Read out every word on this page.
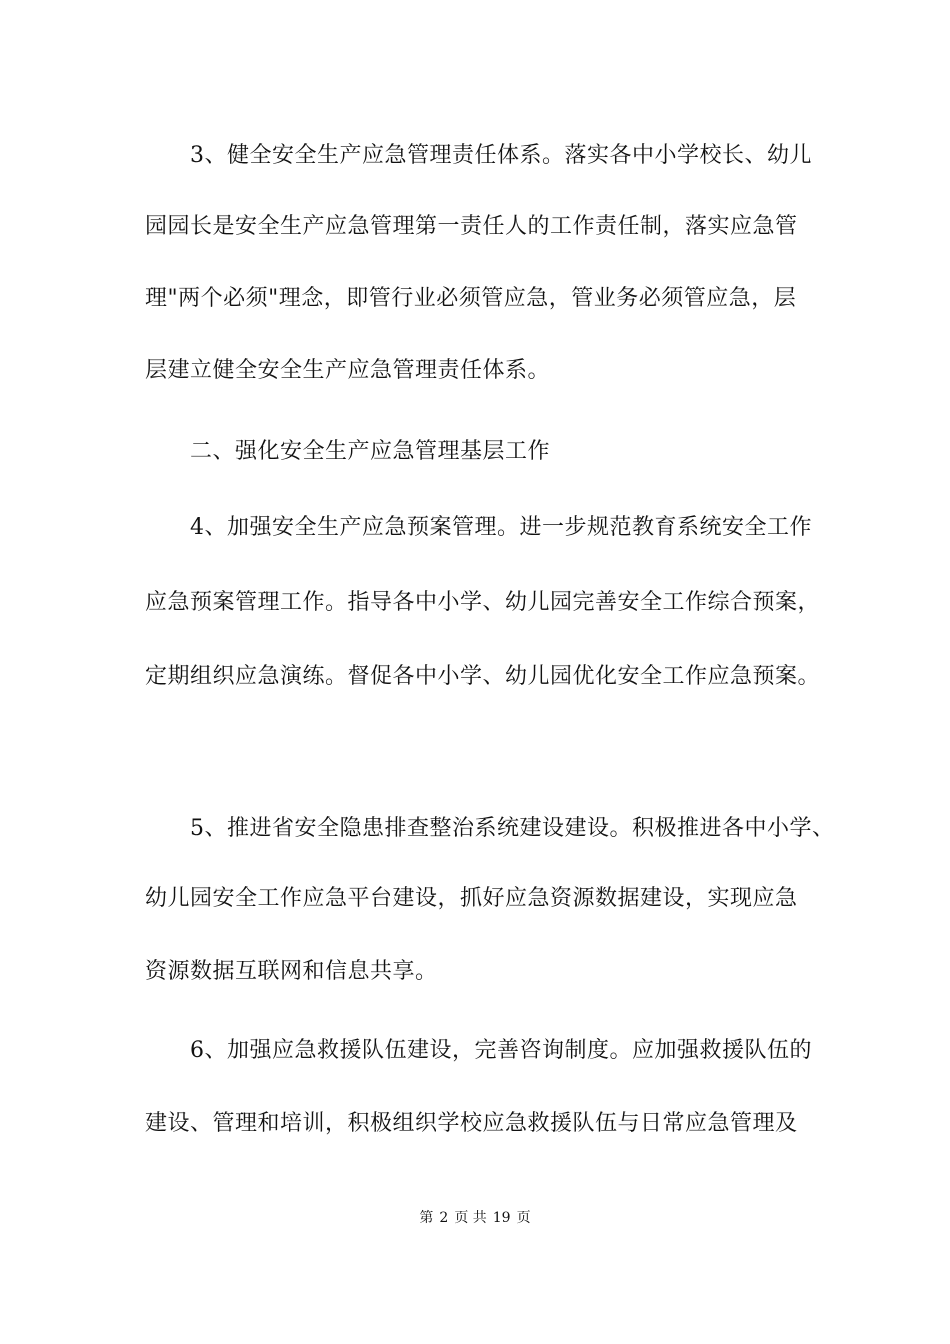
3、健全安全生产应急管理责任体系。落实各中小学校长、幼儿
园园长是安全生产应急管理第一责任人的工作责任制，落实应急管
理"两个必须"理念，即管行业必须管应急，管业务必须管应急，层
层建立健全安全生产应急管理责任体系。
二、强化安全生产应急管理基层工作
4、加强安全生产应急预案管理。进一步规范教育系统安全工作
应急预案管理工作。指导各中小学、幼儿园完善安全工作综合预案，
定期组织应急演练。督促各中小学、幼儿园优化安全工作应急预案。
5、推进省安全隐患排查整治系统建设建设。积极推进各中小学、
幼儿园安全工作应急平台建设，抓好应急资源数据建设，实现应急
资源数据互联网和信息共享。
6、加强应急救援队伍建设，完善咨询制度。应加强救援队伍的
建设、管理和培训，积极组织学校应急救援队伍与日常应急管理及
第 2 页 共 19 页
